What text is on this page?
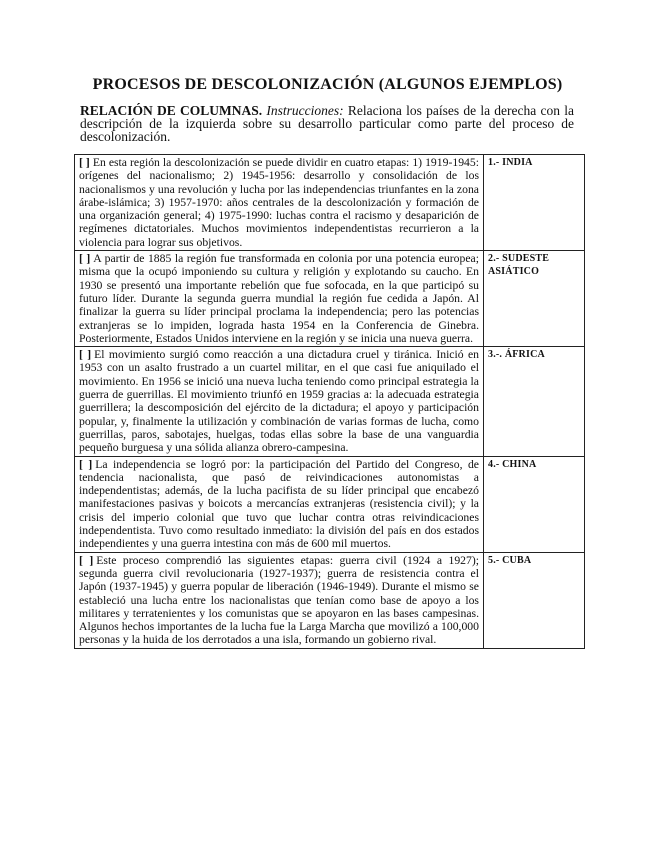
PROCESOS DE DESCOLONIZACIÓN (ALGUNOS EJEMPLOS)
RELACIÓN DE COLUMNAS. Instrucciones: Relaciona los países de la derecha con la descripción de la izquierda sobre su desarrollo particular como parte del proceso de descolonización.
[ ] En esta región la descolonización se puede dividir en cuatro etapas: 1) 1919-1945: orígenes del nacionalismo; 2) 1945-1956: desarrollo y consolidación de los nacionalismos y una revolución y lucha por las independencias triunfantes en la zona árabe-islámica; 3) 1957-1970: años centrales de la descolonización y formación de una organización general; 4) 1975-1990: luchas contra el racismo y desaparición de regímenes dictatoriales. Muchos movimientos independentistas recurrieron a la violencia para lograr sus objetivos.	1.- INDIA
[ ] A partir de 1885 la región fue transformada en colonia por una potencia europea; misma que la ocupó imponiendo su cultura y religión y explotando su caucho. En 1930 se presentó una importante rebelión que fue sofocada, en la que participó su futuro líder. Durante la segunda guerra mundial la región fue cedida a Japón. Al finalizar la guerra su líder principal proclama la independencia; pero las potencias extranjeras se lo impiden, lograda hasta 1954 en la Conferencia de Ginebra. Posteriormente, Estados Unidos interviene en la región y se inicia una nueva guerra.	2.- SUDESTE ASIÁTICO
[ ] El movimiento surgió como reacción a una dictadura cruel y tiránica. Inició en 1953 con un asalto frustrado a un cuartel militar, en el que casi fue aniquilado el movimiento. En 1956 se inició una nueva lucha teniendo como principal estrategia la guerra de guerrillas. El movimiento triunfó en 1959 gracias a: la adecuada estrategia guerrillera; la descomposición del ejército de la dictadura; el apoyo y participación popular, y, finalmente la utilización y combinación de varias formas de lucha, como guerrillas, paros, sabotajes, huelgas, todas ellas sobre la base de una vanguardia pequeño burguesa y una sólida alianza obrero-campesina.	3.-. ÁFRICA
[ ] La independencia se logró por: la participación del Partido del Congreso, de tendencia nacionalista, que pasó de reivindicaciones autonomistas a independentistas; además, de la lucha pacifista de su líder principal que encabezó manifestaciones pasivas y boicots a mercancías extranjeras (resistencia civil); y la crisis del imperio colonial que tuvo que luchar contra otras reivindicaciones independentista. Tuvo como resultado inmediato: la división del país en dos estados independientes y una guerra intestina con más de 600 mil muertos.	4.- CHINA
[ ] Este proceso comprendió las siguientes etapas: guerra civil (1924 a 1927); segunda guerra civil revolucionaria (1927-1937); guerra de resistencia contra el Japón (1937-1945) y guerra popular de liberación (1946-1949). Durante el mismo se estableció una lucha entre los nacionalistas que tenían como base de apoyo a los militares y terratenientes y los comunistas que se apoyaron en las bases campesinas. Algunos hechos importantes de la lucha fue la Larga Marcha que movilizó a 100,000 personas y la huida de los derrotados a una isla, formando un gobierno rival.	5.- CUBA
